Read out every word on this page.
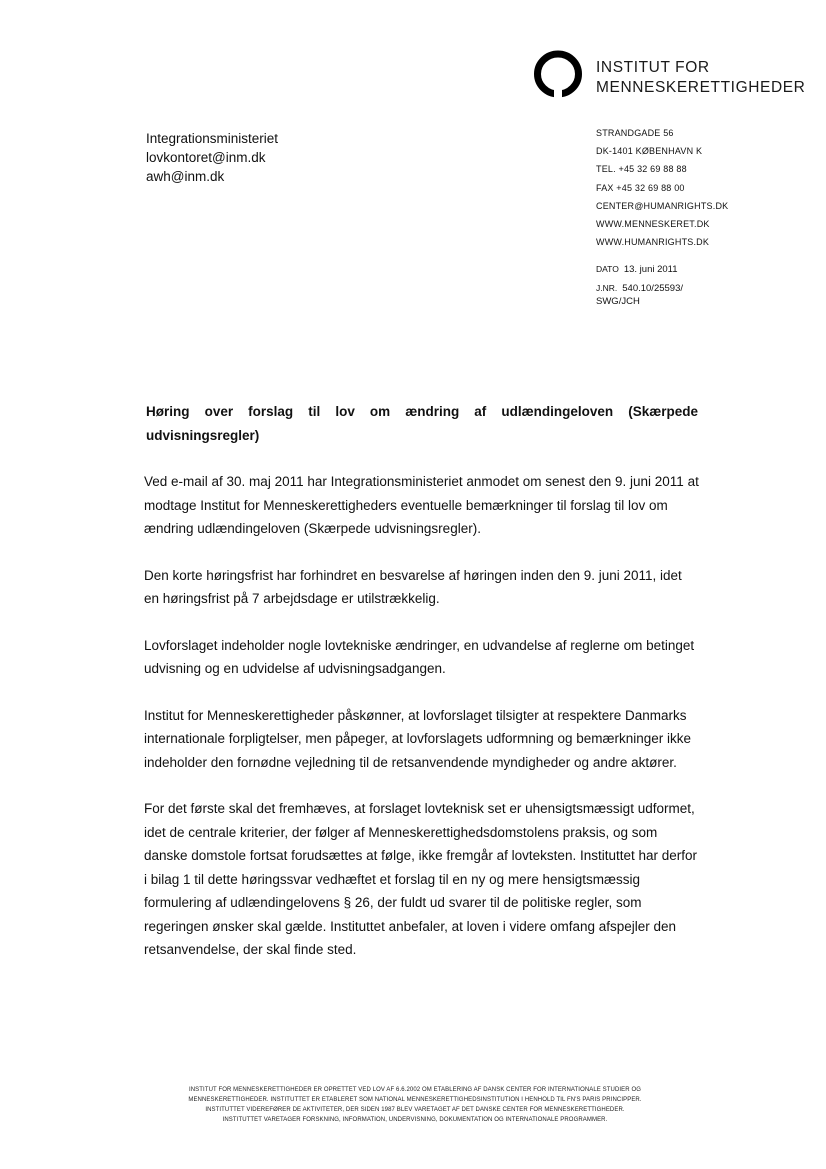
INSTITUT FOR
MENNESKERETTIGHEDER
Integrationsministeriet
lovkontoret@inm.dk
awh@inm.dk
STRANDGADE 56
DK-1401 KØBENHAVN K
TEL. +45 32 69 88 88
FAX +45 32 69 88 00
CENTER@HUMANRIGHTS.DK
WWW.MENNESKERET.DK
WWW.HUMANRIGHTS.DK
DATO 13. juni 2011
J.NR. 540.10/25593/
SWG/JCH
Høring over forslag til lov om ændring af udlændingeloven (Skærpede udvisningsregler)

Ved e-mail af 30. maj 2011 har Integrationsministeriet anmodet om senest den 9. juni 2011 at modtage Institut for Menneskerettigheders eventuelle bemærkninger til forslag til lov om ændring udlændingeloven (Skærpede udvisningsregler).

Den korte høringsfrist har forhindret en besvarelse af høringen inden den 9. juni 2011, idet en høringsfrist på 7 arbejdsdage er utilstrækkelig.

Lovforslaget indeholder nogle lovtekniske ændringer, en udvandelse af reglerne om betinget udvisning og en udvidelse af udvisningsadgangen.

Institut for Menneskerettigheder påskønner, at lovforslaget tilsigter at respektere Danmarks internationale forpligtelser, men påpeger, at lovforslagets udformning og bemærkninger ikke indeholder den fornødne vejledning til de retsanvendende myndigheder og andre aktører.

For det første skal det fremhæves, at forslaget lovteknisk set er uhensigtsmæssigt udformet, idet de centrale kriterier, der følger af Menneskerettighedsdomstolens praksis, og som danske domstole fortsat forudsættes at følge, ikke fremgår af lovteksten. Instituttet har derfor i bilag 1 til dette høringssvar vedhæftet et forslag til en ny og mere hensigtsmæssig formulering af udlændingelovens § 26, der fuldt ud svarer til de politiske regler, som regeringen ønsker skal gælde. Instituttet anbefaler, at loven i videre omfang afspejler den retsanvendelse, der skal finde sted.

INSTITUT FOR MENNESKERETTIGHEDER ER OPRETTET VED LOV AF 6.6.2002 OM ETABLERING AF DANSK CENTER FOR INTERNATIONALE STUDIER OG
MENNESKERETTIGHEDER. INSTITUTTET ER ETABLERET SOM NATIONAL MENNESKERETTIGHEDSINSTITUTION I HENHOLD TIL FN'S PARIS PRINCIPPER.
INSTITUTTET VIDEREFØRER DE AKTIVITETER, DER SIDEN 1987 BLEV VARETAGET AF DET DANSKE CENTER FOR MENNESKERETTIGHEDER.
INSTITUTTET VARETAGER FORSKNING, INFORMATION, UNDERVISNING, DOKUMENTATION OG INTERNATIONALE PROGRAMMER.
